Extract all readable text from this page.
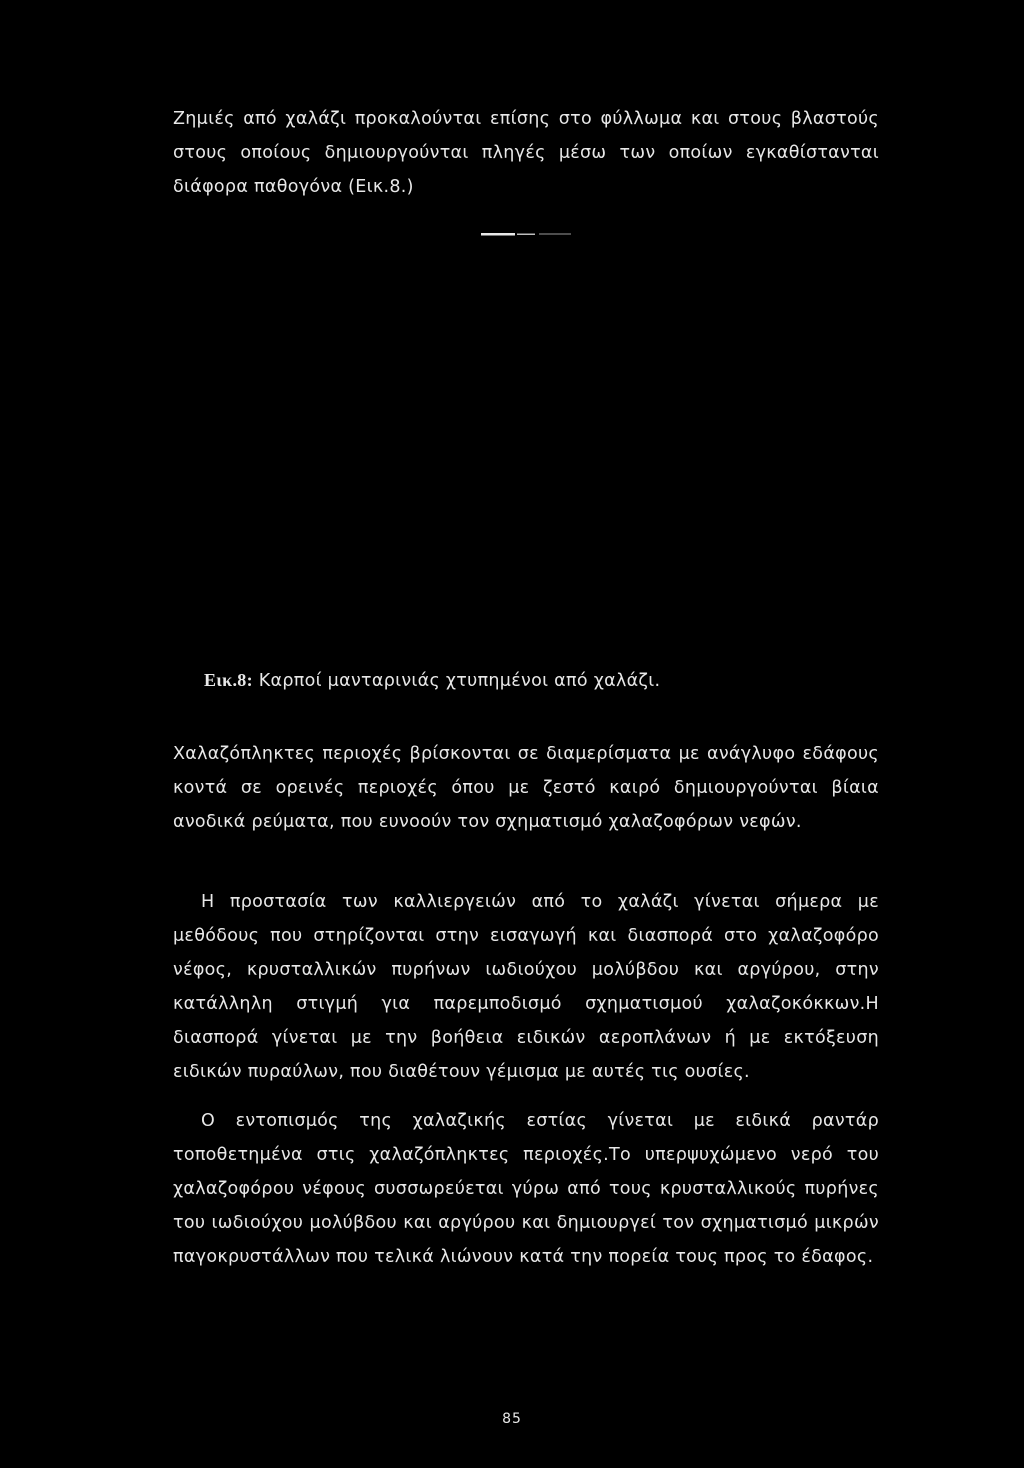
Ζημιές από χαλάζι προκαλούνται επίσης στο φύλλωμα και στους βλαστούς στους οποίους δημιουργούνται πληγές μέσω των οποίων εγκαθίστανται διάφορα παθογόνα (Εικ.8.)

Εικ.8: Καρποί μανταρινιάς χτυπημένοι από χαλάζι.

Χαλαζόπληκτες περιοχές βρίσκονται σε διαμερίσματα με ανάγλυφο εδάφους κοντά σε ορεινές περιοχές όπου με ζεστό καιρό δημιουργούνται βίαια ανοδικά ρεύματα, που ευνοούν τον σχηματισμό χαλαζοφόρων νεφών.

Η προστασία των καλλιεργειών από το χαλάζι γίνεται σήμερα με μεθόδους που στηρίζονται στην εισαγωγή και διασπορά στο χαλαζοφόρο νέφος, κρυσταλλικών πυρήνων ιωδιούχου μολύβδου και αργύρου, στην κατάλληλη στιγμή για παρεμποδισμό σχηματισμού χαλαζοκόκκων.Η διασπορά γίνεται με την βοήθεια ειδικών αεροπλάνων ή με εκτόξευση ειδικών πυραύλων, που διαθέτουν γέμισμα με αυτές τις ουσίες.

Ο εντοπισμός της χαλαζικής εστίας γίνεται με ειδικά ραντάρ τοποθετημένα στις χαλαζόπληκτες περιοχές.Το υπερψυχώμενο νερό του χαλαζοφόρου νέφους συσσωρεύεται γύρω από τους κρυσταλλικούς πυρήνες του ιωδιούχου μολύβδου και αργύρου και δημιουργεί τον σχηματισμό μικρών παγοκρυστάλλων που τελικά λιώνουν κατά την πορεία τους προς το έδαφος.

85
